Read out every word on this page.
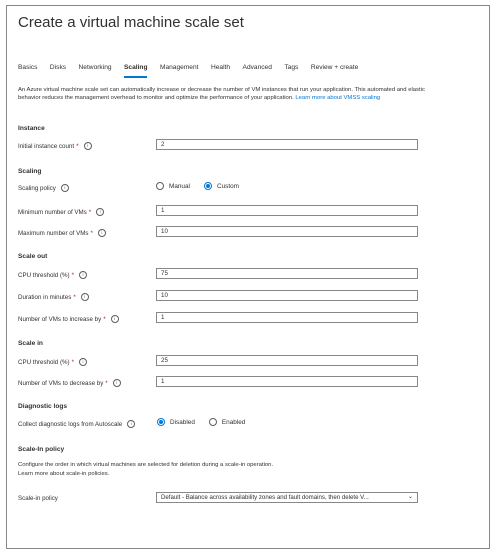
Create a virtual machine scale set
Basics Disks Networking Scaling Management Health Advanced Tags Review + create
An Azure virtual machine scale set can automatically increase or decrease the number of VM instances that run your application. This automated and elastic behavior reduces the management overhead to monitor and optimize the performance of your application. Learn more about VMSS scaling
Instance
Initial instance count *	i	2
Scaling
Scaling policy	i	Manual	Custom
Minimum number of VMs *	i	1
Maximum number of VMs *	i	10
Scale out
CPU threshold (%) *	i	75
Duration in minutes *	i	10
Number of VMs to increase by *	i	1
Scale in
CPU threshold (%) *	i	25
Number of VMs to decrease by *	i	1
Diagnostic logs
Collect diagnostic logs from Autoscale	i	Disabled	Enabled
Scale-In policy
Configure the order in which virtual machines are selected for deletion during a scale-in operation.
Learn more about scale-in policies.
Scale-in policy	Default - Balance across availability zones and fault domains, then delete V...	⌄
